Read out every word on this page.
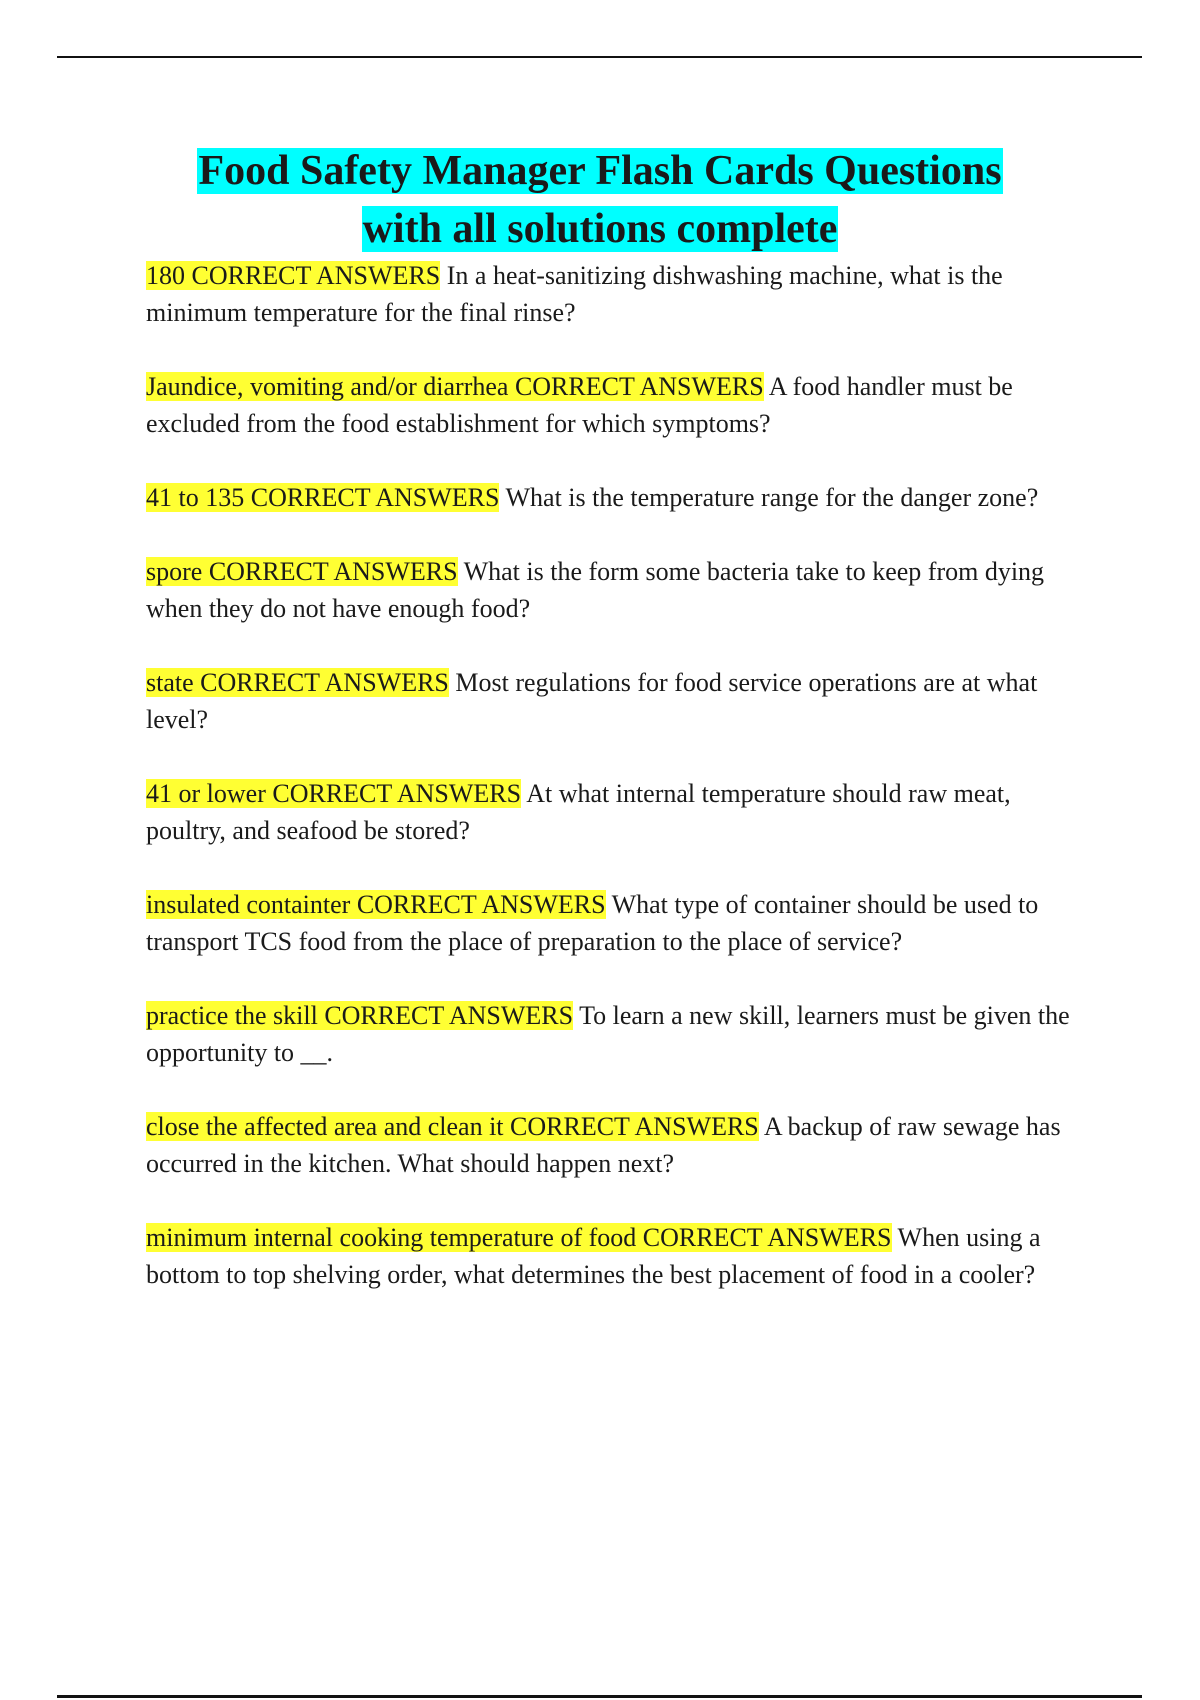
Food Safety Manager Flash Cards Questions
with all solutions complete

180 CORRECT ANSWERS In a heat-sanitizing dishwashing machine, what is the minimum temperature for the final rinse?

Jaundice, vomiting and/or diarrhea CORRECT ANSWERS A food handler must be excluded from the food establishment for which symptoms?

41 to 135 CORRECT ANSWERS What is the temperature range for the danger zone?

spore CORRECT ANSWERS What is the form some bacteria take to keep from dying when they do not have enough food?

state CORRECT ANSWERS Most regulations for food service operations are at what level?

41 or lower CORRECT ANSWERS At what internal temperature should raw meat, poultry, and seafood be stored?

insulated containter CORRECT ANSWERS What type of container should be used to transport TCS food from the place of preparation to the place of service?

practice the skill CORRECT ANSWERS To learn a new skill, learners must be given the opportunity to __.

close the affected area and clean it CORRECT ANSWERS A backup of raw sewage has occurred in the kitchen. What should happen next?

minimum internal cooking temperature of food CORRECT ANSWERS When using a bottom to top shelving order, what determines the best placement of food in a cooler?
